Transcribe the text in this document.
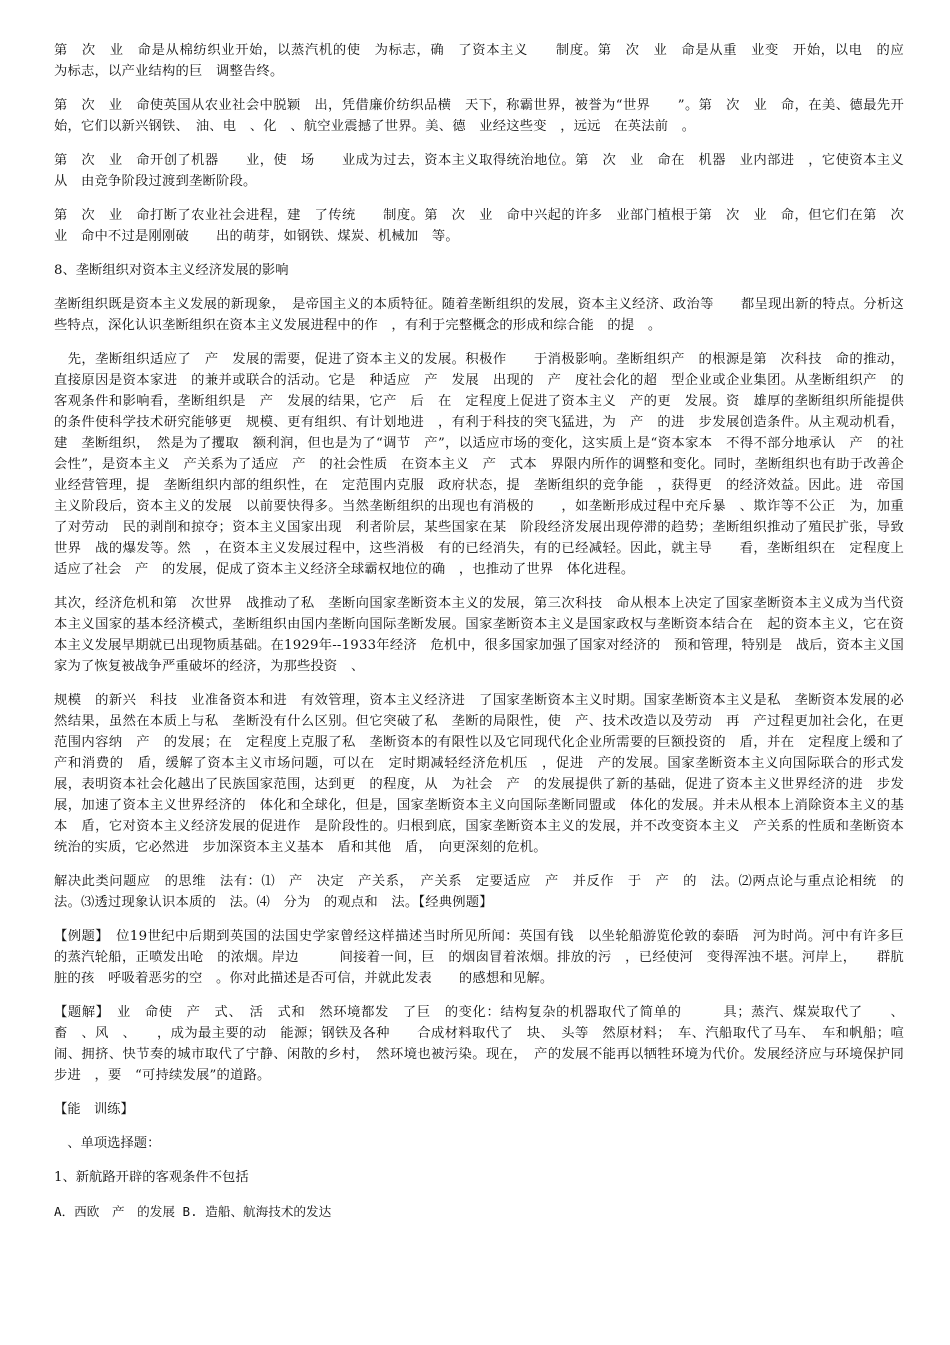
第　次　业　命是从棉纺织业开始，以蒸汽机的使　为标志，确　了资本主义　　制度。第　次　业　命是从重　业变　开始，以电　的应　为标志，以产业结构的巨　调整告终。

第　次　业　命使英国从农业社会中脱颖　出，凭借廉价纺织品横　天下，称霸世界，被誉为“世界　　”。第　次　业　命，在美、德最先开始，它们以新兴钢铁、　油、电　、化　、航空业震撼了世界。美、德　业经这些变　，远远　在英法前　。

第　次　业　命开创了机器　　业，使　场　　业成为过去，资本主义取得统治地位。第　次　业　命在　机器　业内部进　，它使资本主义从　由竞争阶段过渡到垄断阶段。

第　次　业　命打断了农业社会进程，建　了传统　　制度。第　次　业　命中兴起的许多　业部门植根于第　次　业　命，但它们在第　次　业　命中不过是刚刚破　　出的萌芽，如钢铁、煤炭、机械加　等。

8、垄断组织对资本主义经济发展的影响

垄断组织既是资本主义发展的新现象，　是帝国主义的本质特征。随着垄断组织的发展，资本主义经济、政治等　　都呈现出新的特点。分析这些特点，深化认识垄断组织在资本主义发展进程中的作　，有利于完整概念的形成和综合能　的提　。

　先，垄断组织适应了　产　发展的需要，促进了资本主义的发展。积极作　　于消极影响。垄断组织产　的根源是第　次科技　命的推动，直接原因是资本家进　的兼并或联合的活动。它是　种适应　产　发展　出现的　产　度社会化的超　型企业或企业集团。从垄断组织产　的客观条件和影响看，垄断组织是　产　发展的结果，它产　后　在　定程度上促进了资本主义　产的更　发展。资　雄厚的垄断组织所能提供的条件使科学技术研究能够更　规模、更有组织、有计划地进　，有利于科技的突飞猛进，为　产　的进　步发展创造条件。从主观动机看，建　垄断组织，　然是为了攫取　额利润，但也是为了“调节　产”，以适应市场的变化，这实质上是“资本家本　不得不部分地承认　产　的社会性”，是资本主义　产关系为了适应　产　的社会性质　在资本主义　产　式本　界限内所作的调整和变化。同时，垄断组织也有助于改善企业经营管理，提　垄断组织内部的组织性，在　定范围内克服　政府状态，提　垄断组织的竞争能　，获得更　的经济效益。因此。进　帝国主义阶段后，资本主义的发展　以前要快得多。当然垄断组织的出现也有消极的　　，如垄断形成过程中充斥暴　、欺诈等不公正　为，加重了对劳动　民的剥削和掠夺；资本主义国家出现　利者阶层，某些国家在某　阶段经济发展出现停滞的趋势；垄断组织推动了殖民扩张，导致世界　战的爆发等。然　，在资本主义发展过程中，这些消极　有的已经消失，有的已经减轻。因此，就主导　　看，垄断组织在　定程度上适应了社会　产　的发展，促成了资本主义经济全球霸权地位的确　，也推动了世界　体化进程。

其次，经济危机和第　次世界　战推动了私　垄断向国家垄断资本主义的发展，第三次科技　命从根本上决定了国家垄断资本主义成为当代资本主义国家的基本经济模式，垄断组织由国内垄断向国际垄断发展。国家垄断资本主义是国家政权与垄断资本结合在　起的资本主义，它在资本主义发展早期就已出现物质基础。在1929年--1933年经济　危机中，很多国家加强了国家对经济的　预和管理，特别是　战后，资本主义国家为了恢复被战争严重破坏的经济，为那些投资　、

规模　的新兴　科技　业准备资本和进　有效管理，资本主义经济进　了国家垄断资本主义时期。国家垄断资本主义是私　垄断资本发展的必然结果，虽然在本质上与私　垄断没有什么区别。但它突破了私　垄断的局限性，使　产、技术改造以及劳动　再　产过程更加社会化，在更　范围内容纳　产　的发展；在　定程度上克服了私　垄断资本的有限性以及它同现代化企业所需要的巨额投资的　盾，并在　定程度上缓和了　产和消费的　盾，缓解了资本主义市场问题，可以在　定时期减轻经济危机压　，促进　产的发展。国家垄断资本主义向国际联合的形式发展，表明资本社会化越出了民族国家范围，达到更　的程度，从　为社会　产　的发展提供了新的基础，促进了资本主义世界经济的进　步发展，加速了资本主义世界经济的　体化和全球化，但是，国家垄断资本主义向国际垄断同盟或　体化的发展。并未从根本上消除资本主义的基本　盾，它对资本主义经济发展的促进作　是阶段性的。归根到底，国家垄断资本主义的发展，并不改变资本主义　产关系的性质和垄断资本统治的实质，它必然进　步加深资本主义基本　盾和其他　盾，　向更深刻的危机。

解决此类问题应　的思维　法有：⑴　产　决定　产关系，　产关系　定要适应　产　并反作　于　产　的　法。⑵两点论与重点论相统　的　法。⑶透过现象认识本质的　法。⑷　分为　的观点和　法。【经典例题】

【例题】　位19世纪中后期到英国的法国史学家曾经这样描述当时所见所闻：英国有钱　以坐轮船游览伦敦的泰晤　河为时尚。河中有许多巨　的蒸汽轮船，正喷发出呛　的浓烟。岸边　　　间接着一间，巨　的烟囱冒着浓烟。排放的污　，已经使河　变得浑浊不堪。河岸上，　　群肮脏的孩　呼吸着恶劣的空　。你对此描述是否可信，并就此发表　　的感想和见解。

【题解】　业　命使　产　式、　活　式和　然环境都发　了巨　的变化：结构复杂的机器取代了简单的　　　具；蒸汽、煤炭取代了　　、畜　、风　、　　，成为最主要的动　能源；钢铁及各种　　合成材料取代了　块、　头等　然原材料；　车、汽船取代了马车、　车和帆船；喧闹、拥挤、快节奏的城市取代了宁静、闲散的乡村，　然环境也被污染。现在，　产的发展不能再以牺牲环境为代价。发展经济应与环境保护同步进　，要　“可持续发展”的道路。

【能　训练】

　、单项选择题：

1、新航路开辟的客观条件不包括

A．西欧　产　的发展 B. 造船、航海技术的发达
